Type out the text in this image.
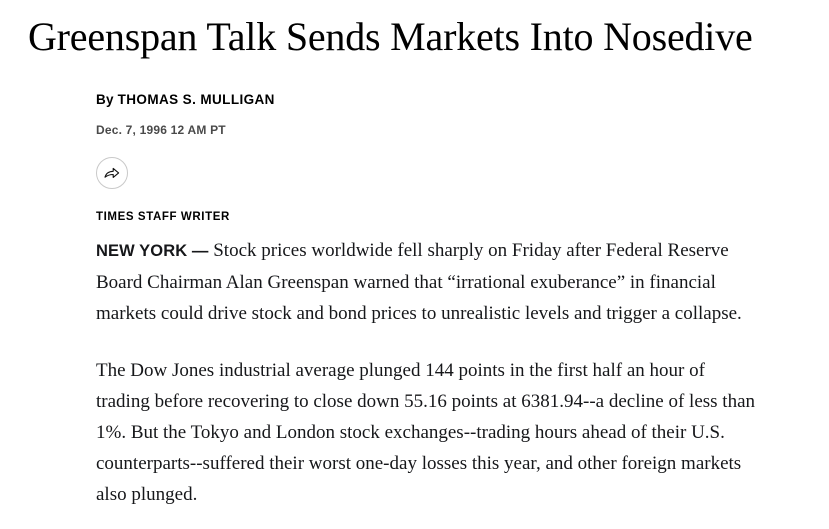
Greenspan Talk Sends Markets Into Nosedive
By THOMAS S. MULLIGAN
Dec. 7, 1996 12 AM PT
TIMES STAFF WRITER

NEW YORK — Stock prices worldwide fell sharply on Friday after Federal Reserve Board Chairman Alan Greenspan warned that “irrational exuberance” in financial markets could drive stock and bond prices to unrealistic levels and trigger a collapse.

The Dow Jones industrial average plunged 144 points in the first half an hour of trading before recovering to close down 55.16 points at 6381.94--a decline of less than 1%. But the Tokyo and London stock exchanges--trading hours ahead of their U.S. counterparts--suffered their worst one-day losses this year, and other foreign markets also plunged.
